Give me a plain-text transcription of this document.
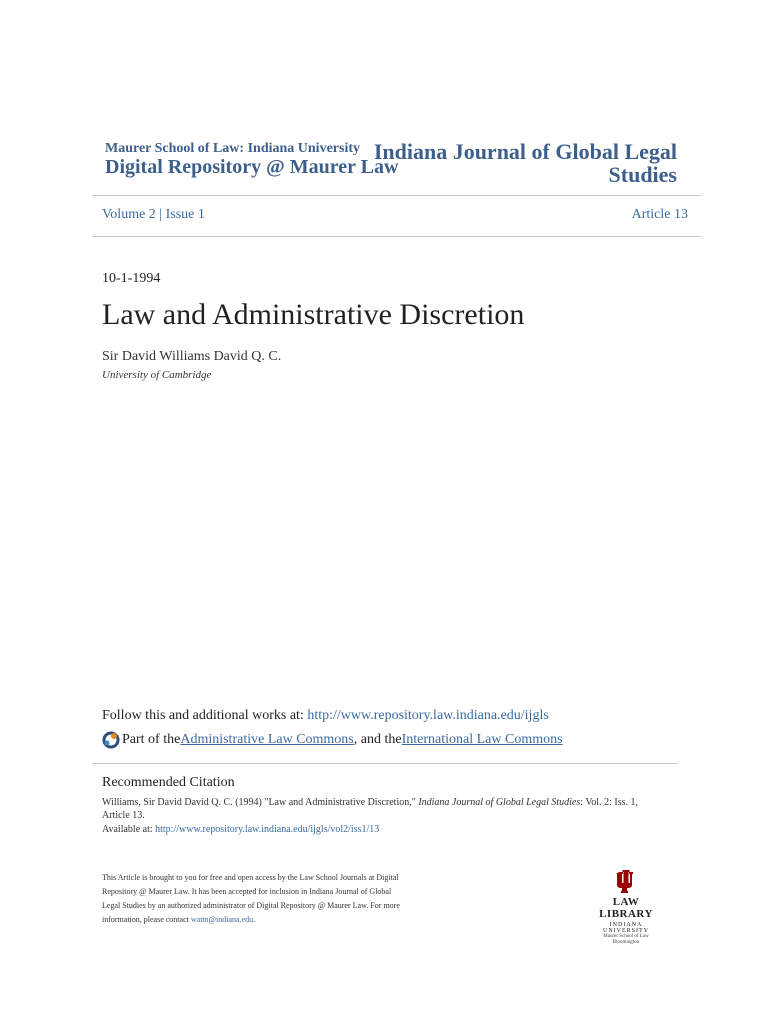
Maurer School of Law: Indiana University
Digital Repository @ Maurer Law
Indiana Journal of Global Legal Studies
Volume 2 | Issue 1	Article 13
10-1-1994
Law and Administrative Discretion
Sir David Williams David Q. C.
University of Cambridge
Follow this and additional works at: http://www.repository.law.indiana.edu/ijgls
Part of the Administrative Law Commons , and the International Law Commons
Recommended Citation
Williams, Sir David David Q. C. (1994) "Law and Administrative Discretion," Indiana Journal of Global Legal Studies: Vol. 2: Iss. 1, Article 13.
Available at: http://www.repository.law.indiana.edu/ijgls/vol2/iss1/13
This Article is brought to you for free and open access by the Law School Journals at Digital Repository @ Maurer Law. It has been accepted for inclusion in Indiana Journal of Global Legal Studies by an authorized administrator of Digital Repository @ Maurer Law. For more information, please contact wattn@indiana.edu.
LAW LIBRARY
INDIANA UNIVERSITY
Maurer School of Law
Bloomington
